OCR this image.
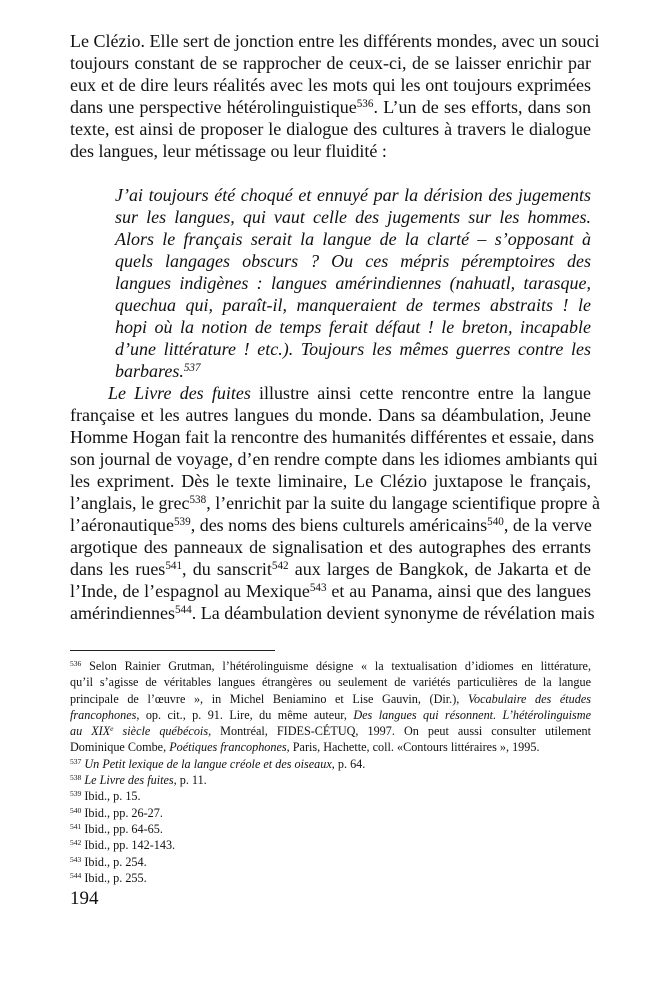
Le Clézio. Elle sert de jonction entre les différents mondes, avec un souci
toujours constant de se rapprocher de ceux-ci, de se laisser enrichir par
eux et de dire leurs réalités avec les mots qui les ont toujours exprimées
dans une perspective hétérolinguistique$^{536}$. L’un de ses efforts, dans son
texte, est ainsi de proposer le dialogue des cultures à travers le dialogue
des langues, leur métissage ou leur fluidité :
J’ai toujours été choqué et ennuyé par la dérision des jugements
sur les langues, qui vaut celle des jugements sur les hommes.
Alors le français serait la langue de la clarté – s’opposant à
quels langages obscurs ? Ou ces mépris péremptoires des
langues indigènes : langues amérindiennes (nahuatl, tarasque,
quechua qui, paraît-il, manqueraient de termes abstraits ! le
hopi où la notion de temps ferait défaut ! le breton, incapable
d’une littérature ! etc.). Toujours les mêmes guerres contre les
barbares.$^{537}$
Le Livre des fuites illustre ainsi cette rencontre entre la langue
française et les autres langues du monde. Dans sa déambulation, Jeune
Homme Hogan fait la rencontre des humanités différentes et essaie, dans
son journal de voyage, d’en rendre compte dans les idiomes ambiants qui
les expriment. Dès le texte liminaire, Le Clézio juxtapose le français,
l’anglais, le grec$^{538}$, l’enrichit par la suite du langage scientifique propre à
l’aéronautique$^{539}$, des noms des biens culturels américains$^{540}$, de la verve
argotique des panneaux de signalisation et des autographes des errants
dans les rues$^{541}$, du sanscrit$^{542}$ aux larges de Bangkok, de Jakarta et de
l’Inde, de l’espagnol au Mexique$^{543}$ et au Panama, ainsi que des langues
amérindiennes$^{544}$. La déambulation devient synonyme de révélation mais
$^{536}$ Selon Rainier Grutman, l’hétérolinguisme désigne « la textualisation d’idiomes en littérature,
qu’il s’agisse de véritables langues étrangères ou seulement de variétés particulières de la langue
principale de l’œuvre », in Michel Beniamino et Lise Gauvin, (Dir.), Vocabulaire des études
francophones, op. cit., p. 91. Lire, du même auteur, Des langues qui résonnent. L’hétérolinguisme
au XIXe siècle québécois, Montréal, FIDES-CÉTUQ, 1997. On peut aussi consulter utilement
Dominique Combe, Poétiques francophones, Paris, Hachette, coll. «Contours littéraires », 1995.
$^{537}$ Un Petit lexique de la langue créole et des oiseaux, p. 64.
$^{538}$ Le Livre des fuites, p. 11.
$^{539}$ Ibid., p. 15.
$^{540}$ Ibid., pp. 26-27.
$^{541}$ Ibid., pp. 64-65.
$^{542}$ Ibid., pp. 142-143.
$^{543}$ Ibid., p. 254.
$^{544}$ Ibid., p. 255.
194
